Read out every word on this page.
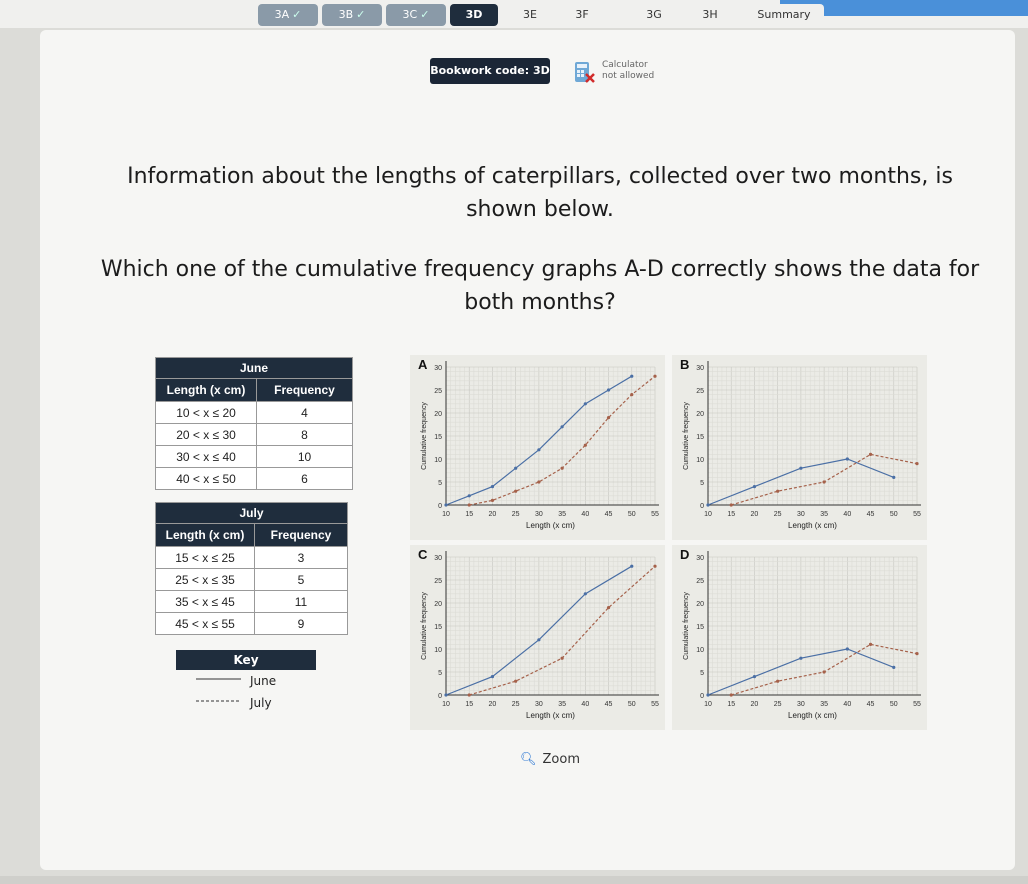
3A ✓	3B ✓	3C ✓	3D	3E	3F	3G	3H	Summary
Bookwork code: 3D	Calculator
not allowed
Information about the lengths of caterpillars, collected over two months, is shown below.
Which one of the cumulative frequency graphs A-D correctly shows the data for both months?
June	
Length (x cm)	Frequency
10 < x ≤ 20	4
20 < x ≤ 30	8
30 < x ≤ 40	10
40 < x ≤ 50	6
July	
Length (x cm)	Frequency
15 < x ≤ 25	3
25 < x ≤ 35	5
35 < x ≤ 45	11
45 < x ≤ 55	9
Key
June
July
10 15 20 25 30 35 40 45 50 55
0
5
10
15
20
25
30
Length (x cm)
Cumulative frequency
A
10 15 20 25 30 35 40 45 50 55
0
5
10
15
20
25
30
Length (x cm)
Cumulative frequency
B
10 15 20 25 30 35 40 45 50 55
0
5
10
15
20
25
30
Length (x cm)
Cumulative frequency
C
10 15 20 25 30 35 40 45 50 55
0
5
10
15
20
25
30
Length (x cm)
Cumulative frequency
D
🔍︎ Zoom
